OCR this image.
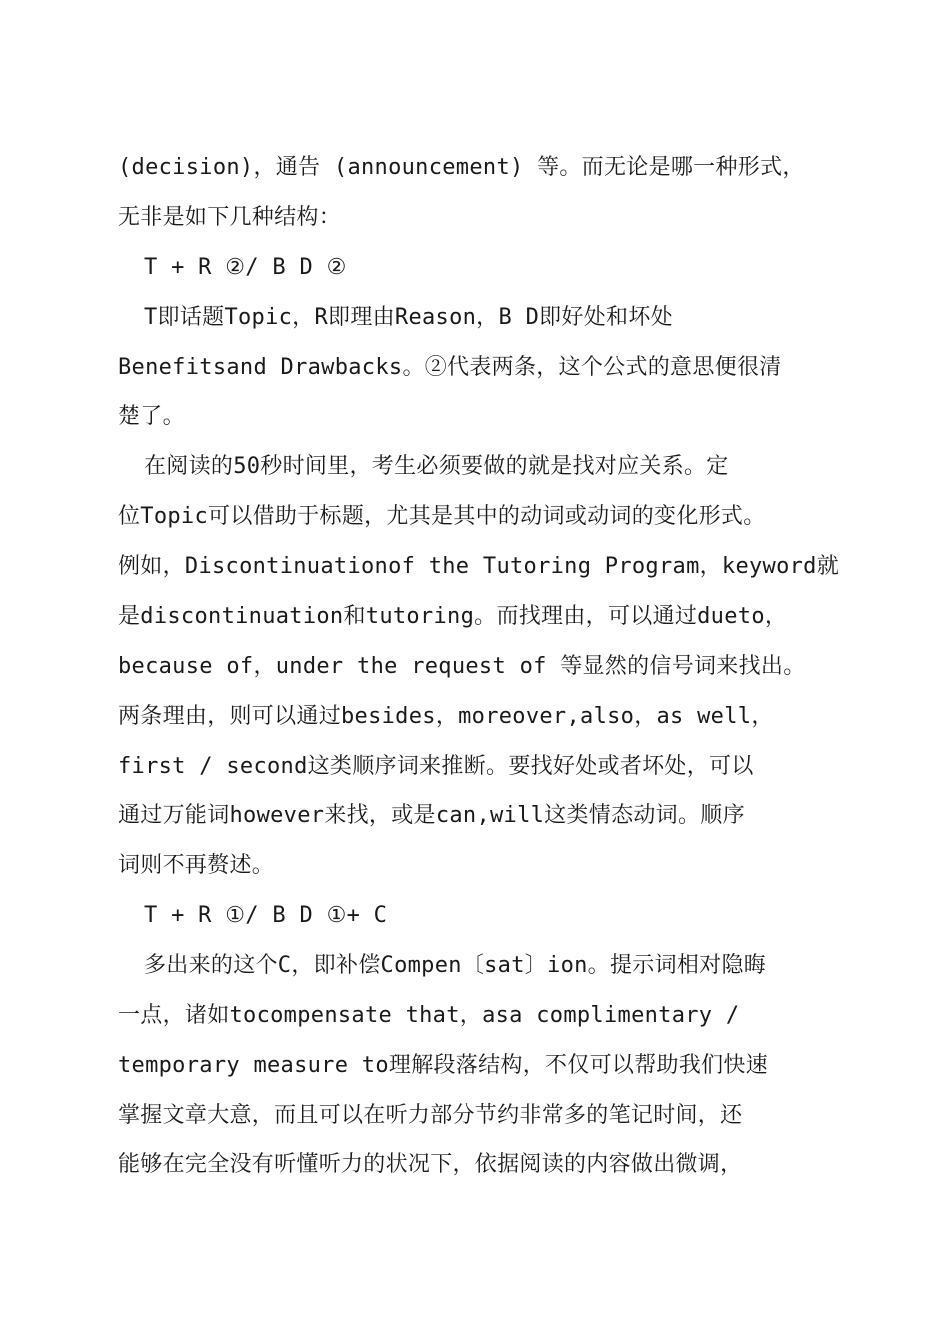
(decision)，通告 (announcement) 等。而无论是哪一种形式，
无非是如下几种结构：
T + R ②/ B D ②
T即话题Topic，R即理由Reason，B D即好处和坏处
Benefitsand Drawbacks。②代表两条，这个公式的意思便很清
楚了。
在阅读的50秒时间里，考生必须要做的就是找对应关系。定
位Topic可以借助于标题，尤其是其中的动词或动词的变化形式。
例如，Discontinuationof the Tutoring Program，keyword就
是discontinuation和tutoring。而找理由，可以通过dueto，
because of，under the request of 等显然的信号词来找出。
两条理由，则可以通过besides，moreover,also，as well，
first / second这类顺序词来推断。要找好处或者坏处，可以
通过万能词however来找，或是can,will这类情态动词。顺序
词则不再赘述。
T + R ①/ B D ①+ C
多出来的这个C，即补偿Compen〔sat〕ion。提示词相对隐晦
一点，诸如tocompensate that，asa complimentary /
temporary measure to理解段落结构，不仅可以帮助我们快速
掌握文章大意，而且可以在听力部分节约非常多的笔记时间，还
能够在完全没有听懂听力的状况下，依据阅读的内容做出微调，
